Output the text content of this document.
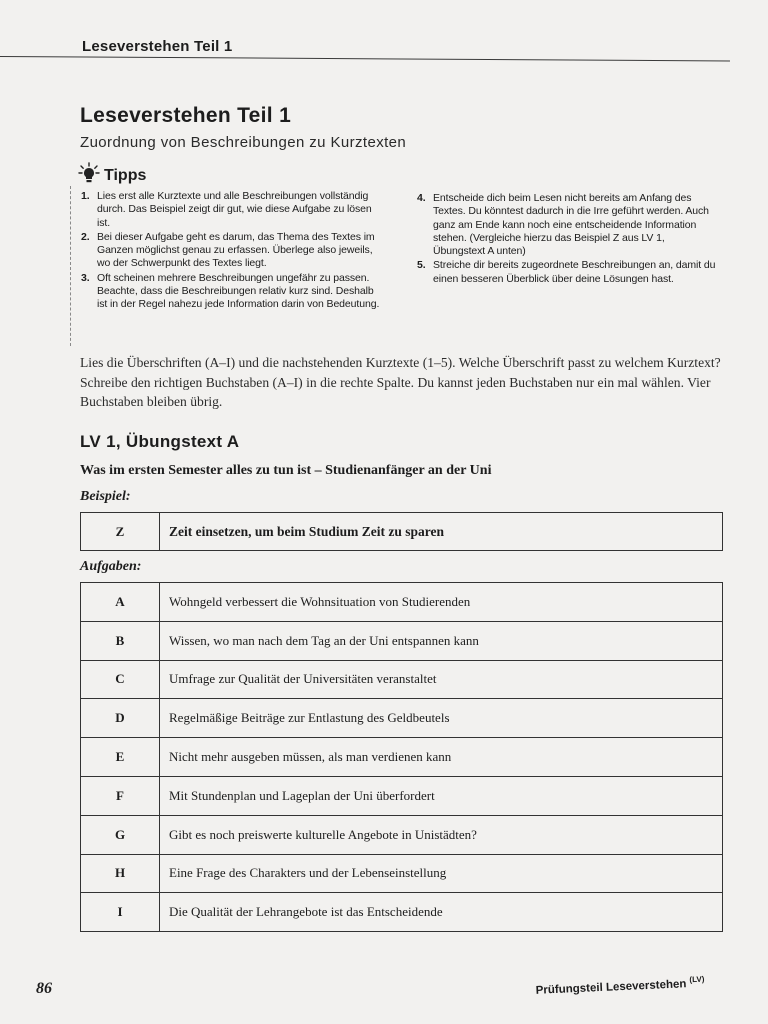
Leseverstehen Teil 1
Leseverstehen Teil 1
Zuordnung von Beschreibungen zu Kurztexten
Tipps
1. Lies erst alle Kurztexte und alle Beschreibungen vollständig durch. Das Beispiel zeigt dir gut, wie diese Aufgabe zu lösen ist.
2. Bei dieser Aufgabe geht es darum, das Thema des Textes im Ganzen möglichst genau zu erfassen. Überlege also jeweils, wo der Schwerpunkt des Textes liegt.
3. Oft scheinen mehrere Beschreibungen ungefähr zu passen. Beachte, dass die Beschreibungen relativ kurz sind. Deshalb ist in der Regel nahezu jede Information darin von Bedeutung.
4. Entscheide dich beim Lesen nicht bereits am Anfang des Textes. Du könntest dadurch in die Irre geführt werden. Auch ganz am Ende kann noch eine entscheidende Information stehen. (Vergleiche hierzu das Beispiel Z aus LV 1, Übungstext A unten)
5. Streiche dir bereits zugeordnete Beschreibungen an, damit du einen besseren Überblick über deine Lösungen hast.
Lies die Überschriften (A–I) und die nachstehenden Kurztexte (1–5). Welche Überschrift passt zu welchem Kurztext? Schreibe den richtigen Buchstaben (A–I) in die rechte Spalte. Du kannst jeden Buchstaben nur ein mal wählen. Vier Buchstaben bleiben übrig.
LV 1, Übungstext A
Was im ersten Semester alles zu tun ist – Studienanfänger an der Uni
Beispiel:
Z	Zeit einsetzen, um beim Studium Zeit zu sparen
Aufgaben:
A	Wohngeld verbessert die Wohnsituation von Studierenden
B	Wissen, wo man nach dem Tag an der Uni entspannen kann
C	Umfrage zur Qualität der Universitäten veranstaltet
D	Regelmäßige Beiträge zur Entlastung des Geldbeutels
E	Nicht mehr ausgeben müssen, als man verdienen kann
F	Mit Stundenplan und Lageplan der Uni überfordert
G	Gibt es noch preiswerte kulturelle Angebote in Unistädten?
H	Eine Frage des Charakters und der Lebenseinstellung
I	Die Qualität der Lehrangebote ist das Entscheidende
86	Prüfungsteil Leseverstehen $^{(LV)}$
